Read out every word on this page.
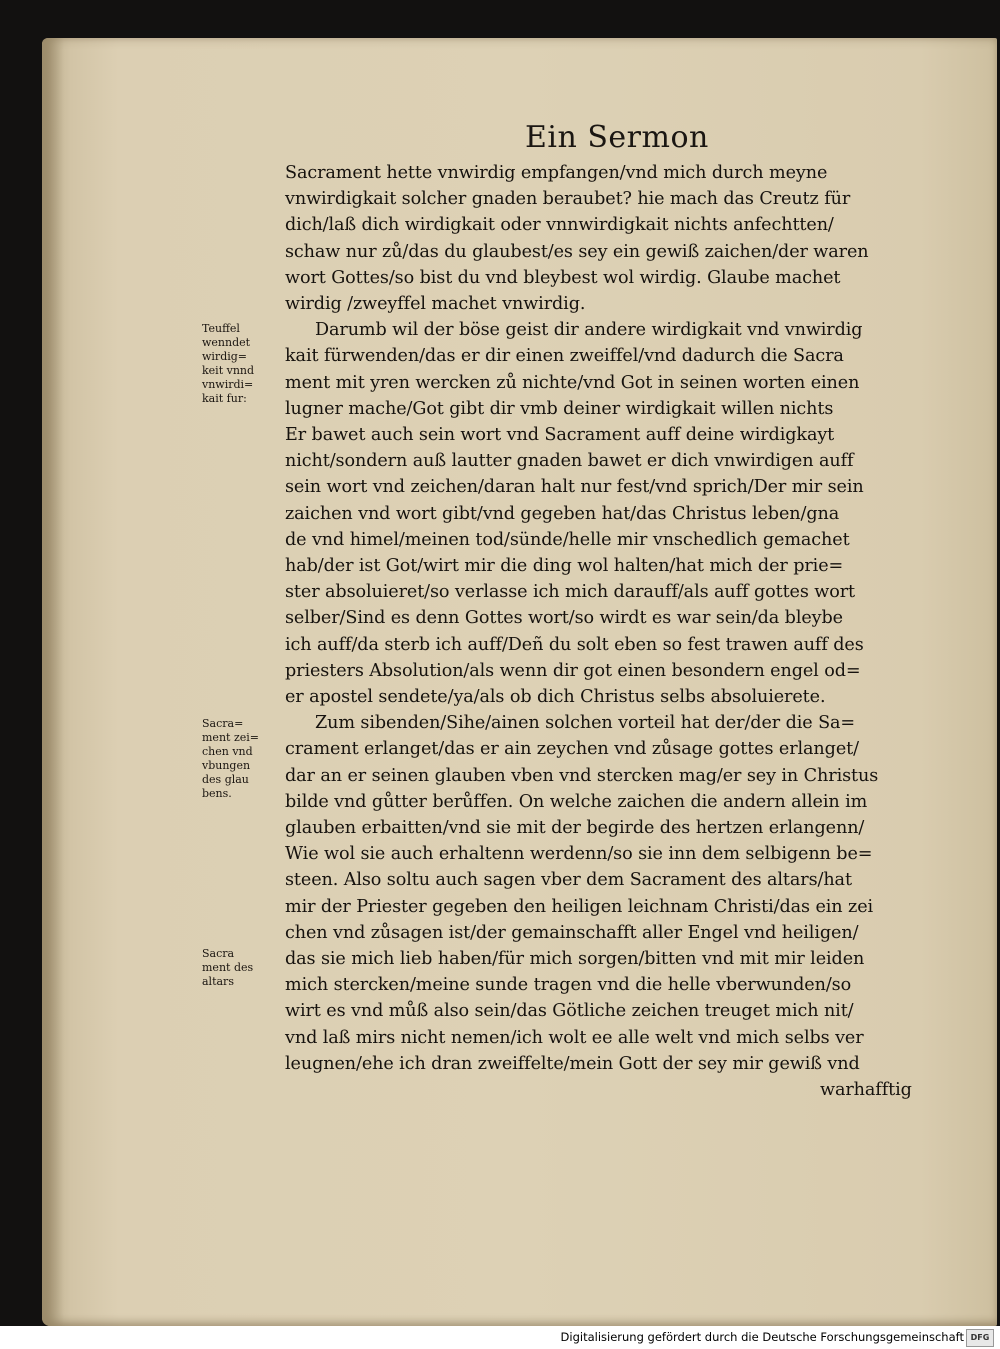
Ein Sermon
Sacrament hette vnwirdig empfangen/vnd mich durch meyne
vnwirdigkait solcher gnaden beraubet? hie mach das Creutz für
dich/laß dich wirdigkait oder vnnwirdigkait nichts anfechtten/
schaw nur zů/das du glaubest/es sey ein gewiß zaichen/der waren
wort Gottes/so bist du vnd bleybest wol wirdig. Glaube machet
wirdig /zweyffel machet vnwirdig.
Darumb wil der böse geist dir andere wirdigkait vnd vnwirdig
kait fürwenden/das er dir einen zweiffel/vnd dadurch die Sacra
ment mit yren wercken zů nichte/vnd Got in seinen worten einen
lugner mache/Got gibt dir vmb deiner wirdigkait willen nichts
Er bawet auch sein wort vnd Sacrament auff deine wirdigkayt
nicht/sondern auß lautter gnaden bawet er dich vnwirdigen auff
sein wort vnd zeichen/daran halt nur fest/vnd sprich/Der mir sein
zaichen vnd wort gibt/vnd gegeben hat/das Christus leben/gna
de vnd himel/meinen tod/sünde/helle mir vnschedlich gemachet
hab/der ist Got/wirt mir die ding wol halten/hat mich der prie=
ster absoluieret/so verlasse ich mich darauff/als auff gottes wort
selber/Sind es denn Gottes wort/so wirdt es war sein/da bleybe
ich auff/da sterb ich auff/Deñ du solt eben so fest trawen auff des
priesters Absolution/als wenn dir got einen besondern engel od=
er apostel sendete/ya/als ob dich Christus selbs absoluierete.
Zum sibenden/Sihe/ainen solchen vorteil hat der/der die Sa=
crament erlanget/das er ain zeychen vnd zůsage gottes erlanget/
dar an er seinen glauben vben vnd stercken mag/er sey in Christus
bilde vnd gůtter berůffen. On welche zaichen die andern allein im
glauben erbaitten/vnd sie mit der begirde des hertzen erlangenn/
Wie wol sie auch erhaltenn werdenn/so sie inn dem selbigenn be=
steen. Also soltu auch sagen vber dem Sacrament des altars/hat
mir der Priester gegeben den heiligen leichnam Christi/das ein zei
chen vnd zůsagen ist/der gemainschafft aller Engel vnd heiligen/
das sie mich lieb haben/für mich sorgen/bitten vnd mit mir leiden
mich stercken/meine sunde tragen vnd die helle vberwunden/so
wirt es vnd můß also sein/das Götliche zeichen treuget mich nit/
vnd laß mirs nicht nemen/ich wolt ee alle welt vnd mich selbs ver
leugnen/ehe ich dran zweiffelte/mein Gott der sey mir gewiß vnd
warhafftig
Teuffel
wenndet
wirdig=
keit vnnd
vnwirdi=
kait fur:
Sacra=
ment zei=
chen vnd
vbungen
des glau
bens.
Sacra
ment des
altars
Digitalisierung gefördert durch die Deutsche Forschungsgemeinschaft DFG
